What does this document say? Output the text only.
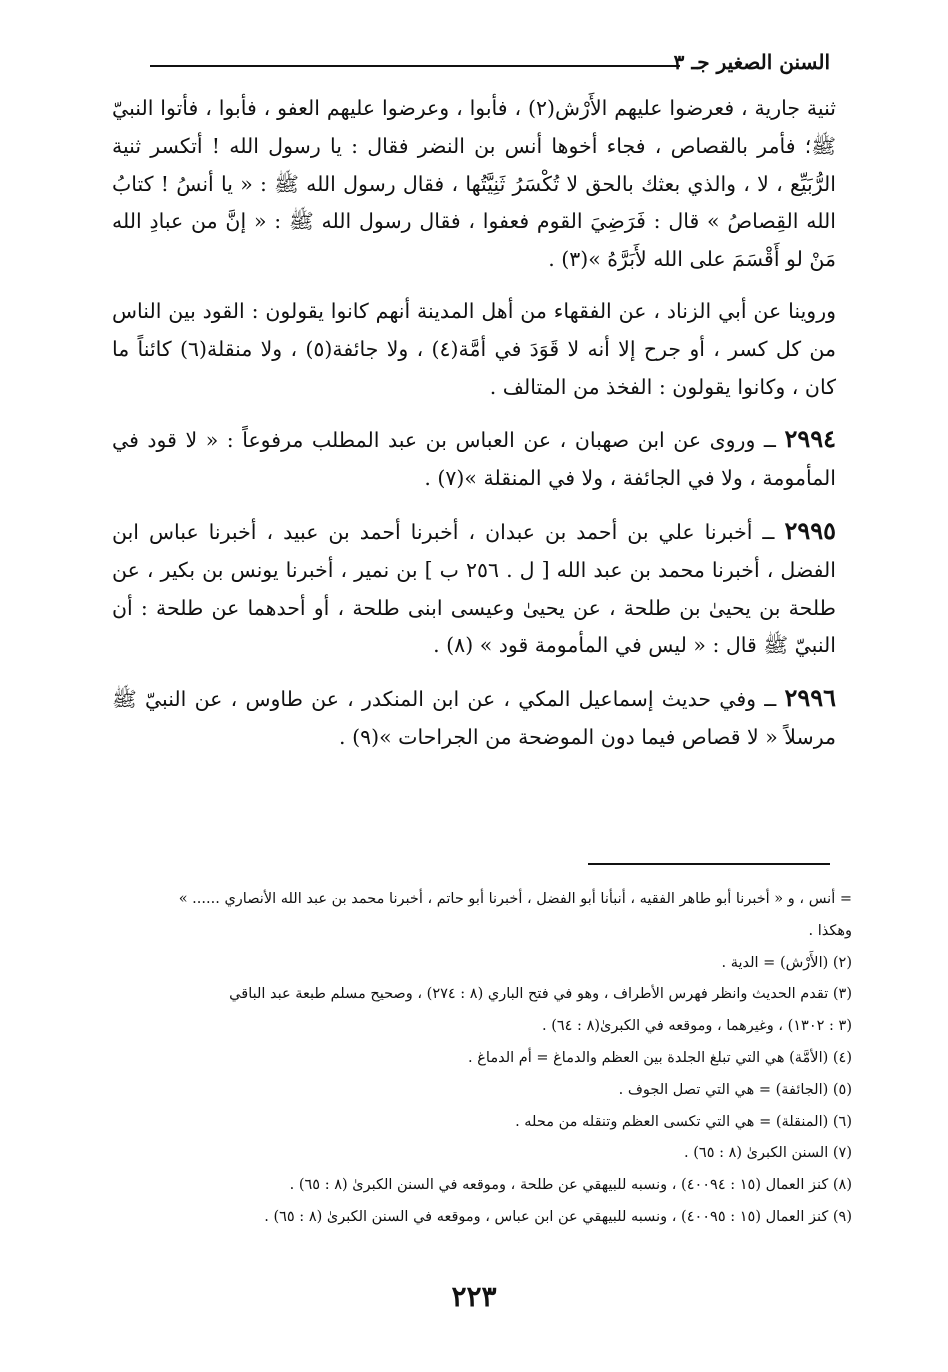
السنن الصغير جـ ٣

ثنية جارية ، فعرضوا عليهم الأَرْش(٢) ، فأبوا ، وعرضوا عليهم العفو ، فأبوا ، فأتوا النبيّ ﷺ؛ فأمر بالقصاص ، فجاء أخوها أنس بن النضر فقال : يا رسول الله ! أتكسر ثنية الرُّبَيِّع ، لا ، والذي بعثك بالحق لا تُكْسَرُ ثَنِيَّتُها ، فقال رسول الله ﷺ : « يا أنسُ ! كتابُ الله القِصاصُ » قال : فَرَضِيَ القوم فعفوا ، فقال رسول الله ﷺ : « إنَّ من عبادِ الله مَنْ لو أَقْسَمَ على الله لأَبَرَّهُ »(٣) .

وروينا عن أبي الزناد ، عن الفقهاء من أهل المدينة أنهم كانوا يقولون : القود بين الناس من كل كسر ، أو جرح إلا أنه لا قَوَدَ في أمَّة(٤) ، ولا جائفة(٥) ، ولا منقلة(٦) كائناً ما كان ، وكانوا يقولون : الفخذ من المتالف .

٢٩٩٤ ــ وروى عن ابن صهبان ، عن العباس بن عبد المطلب مرفوعاً : « لا قود في المأمومة ، ولا في الجائفة ، ولا في المنقلة »(٧) .

٢٩٩٥ ــ أخبرنا علي بن أحمد بن عبدان ، أخبرنا أحمد بن عبيد ، أخبرنا عباس ابن الفضل ، أخبرنا محمد بن عبد الله [ ل . ٢٥٦ ب ] بن نمير ، أخبرنا يونس بن بكير ، عن طلحة بن يحيىٰ بن طلحة ، عن يحيىٰ وعيسى ابنى طلحة ، أو أحدهما عن طلحة : أن النبيّ ﷺ قال : « ليس في المأمومة قود » (٨) .

٢٩٩٦ ــ وفي حديث إسماعيل المكي ، عن ابن المنكدر ، عن طاوس ، عن النبيّ ﷺ مرسلاً « لا قصاص فيما دون الموضحة من الجراحات »(٩) .

= أنس ، و « أخبرنا أبو طاهر الفقيه ، أنبأنا أبو الفضل ، أخبرنا أبو حاتم ، أخبرنا محمد بن عبد الله الأنصاري ...... » وهكذا .

(٢) (الأَرْش) = الدية .

(٣) تقدم الحديث وانظر فهرس الأطراف ، وهو في فتح الباري (٨ : ٢٧٤) ، وصحيح مسلم طبعة عبد الباقي

(٣ : ١٣٠٢) ، وغيرهما ، وموقعه في الكبرىٰ(٨ : ٦٤) .

(٤) (الأمَّة) هي التي تبلغ الجلدة بين العظم والدماغ = أم الدماغ .

(٥) (الجائفة) = هي التي تصل الجوف .

(٦) (المنقلة) = هي التي تكسى العظم وتنقله من محله .

(٧) السنن الكبرىٰ (٨ : ٦٥) .

(٨) كنز العمال (١٥ : ٤٠٠٩٤) ، ونسبه للبيهقي عن طلحة ، وموقعه في السنن الكبرىٰ (٨ : ٦٥) .

(٩) كنز العمال (١٥ : ٤٠٠٩٥) ، ونسبه للبيهقي عن ابن عباس ، وموقعه في السنن الكبرىٰ (٨ : ٦٥) .

٢٢٣
